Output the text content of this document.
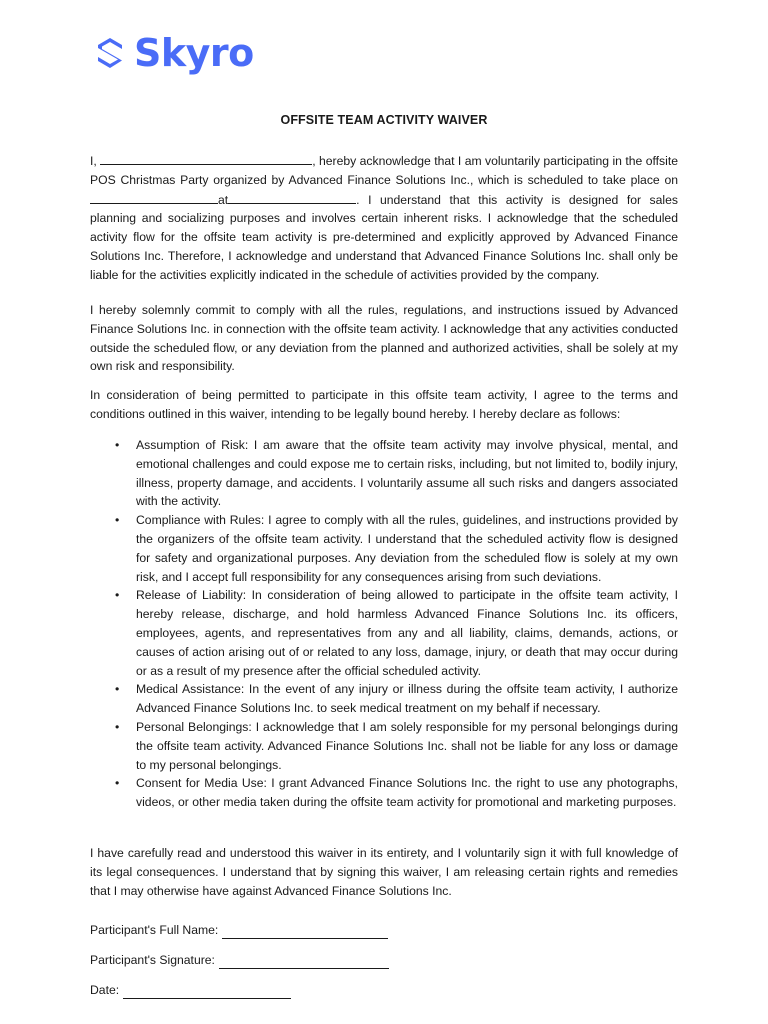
Skyro
OFFSITE TEAM ACTIVITY WAIVER

I,	, hereby acknowledge that I am voluntarily participating in the offsite POS Christmas Party organized by Advanced Finance Solutions Inc., which is scheduled to take place onat	. I understand that this activity is designed for sales planning and socializing purposes and involves certain inherent risks. I acknowledge that the scheduled activity flow for the offsite team activity is pre-determined and explicitly approved by Advanced Finance Solutions Inc. Therefore, I acknowledge and understand that Advanced Finance Solutions Inc. shall only be liable for the activities explicitly indicated in the schedule of activities provided by the company.

I hereby solemnly commit to comply with all the rules, regulations, and instructions issued by Advanced Finance Solutions Inc. in connection with the offsite team activity. I acknowledge that any activities conducted outside the scheduled flow, or any deviation from the planned and authorized activities, shall be solely at my own risk and responsibility.

In consideration of being permitted to participate in this offsite team activity, I agree to the terms and conditions outlined in this waiver, intending to be legally bound hereby. I hereby declare as follows:

• Assumption of Risk: I am aware that the offsite team activity may involve physical, mental, and emotional challenges and could expose me to certain risks, including, but not limited to, bodily injury, illness, property damage, and accidents. I voluntarily assume all such risks and dangers associated with the activity.
• Compliance with Rules: I agree to comply with all the rules, guidelines, and instructions provided by the organizers of the offsite team activity. I understand that the scheduled activity flow is designed for safety and organizational purposes. Any deviation from the scheduled flow is solely at my own risk, and I accept full responsibility for any consequences arising from such deviations.
• Release of Liability: In consideration of being allowed to participate in the offsite team activity, I hereby release, discharge, and hold harmless Advanced Finance Solutions Inc. its officers, employees, agents, and representatives from any and all liability, claims, demands, actions, or causes of action arising out of or related to any loss, damage, injury, or death that may occur during or as a result of my presence after the official scheduled activity.
• Medical Assistance: In the event of any injury or illness during the offsite team activity, I authorize Advanced Finance Solutions Inc. to seek medical treatment on my behalf if necessary.
• Personal Belongings: I acknowledge that I am solely responsible for my personal belongings during the offsite team activity. Advanced Finance Solutions Inc. shall not be liable for any loss or damage to my personal belongings.
• Consent for Media Use: I grant Advanced Finance Solutions Inc. the right to use any photographs, videos, or other media taken during the offsite team activity for promotional and marketing purposes.

I have carefully read and understood this waiver in its entirety, and I voluntarily sign it with full knowledge of its legal consequences. I understand that by signing this waiver, I am releasing certain rights and remedies that I may otherwise have against Advanced Finance Solutions Inc.

Participant's Full Name:
Participant's Signature:
Date:
